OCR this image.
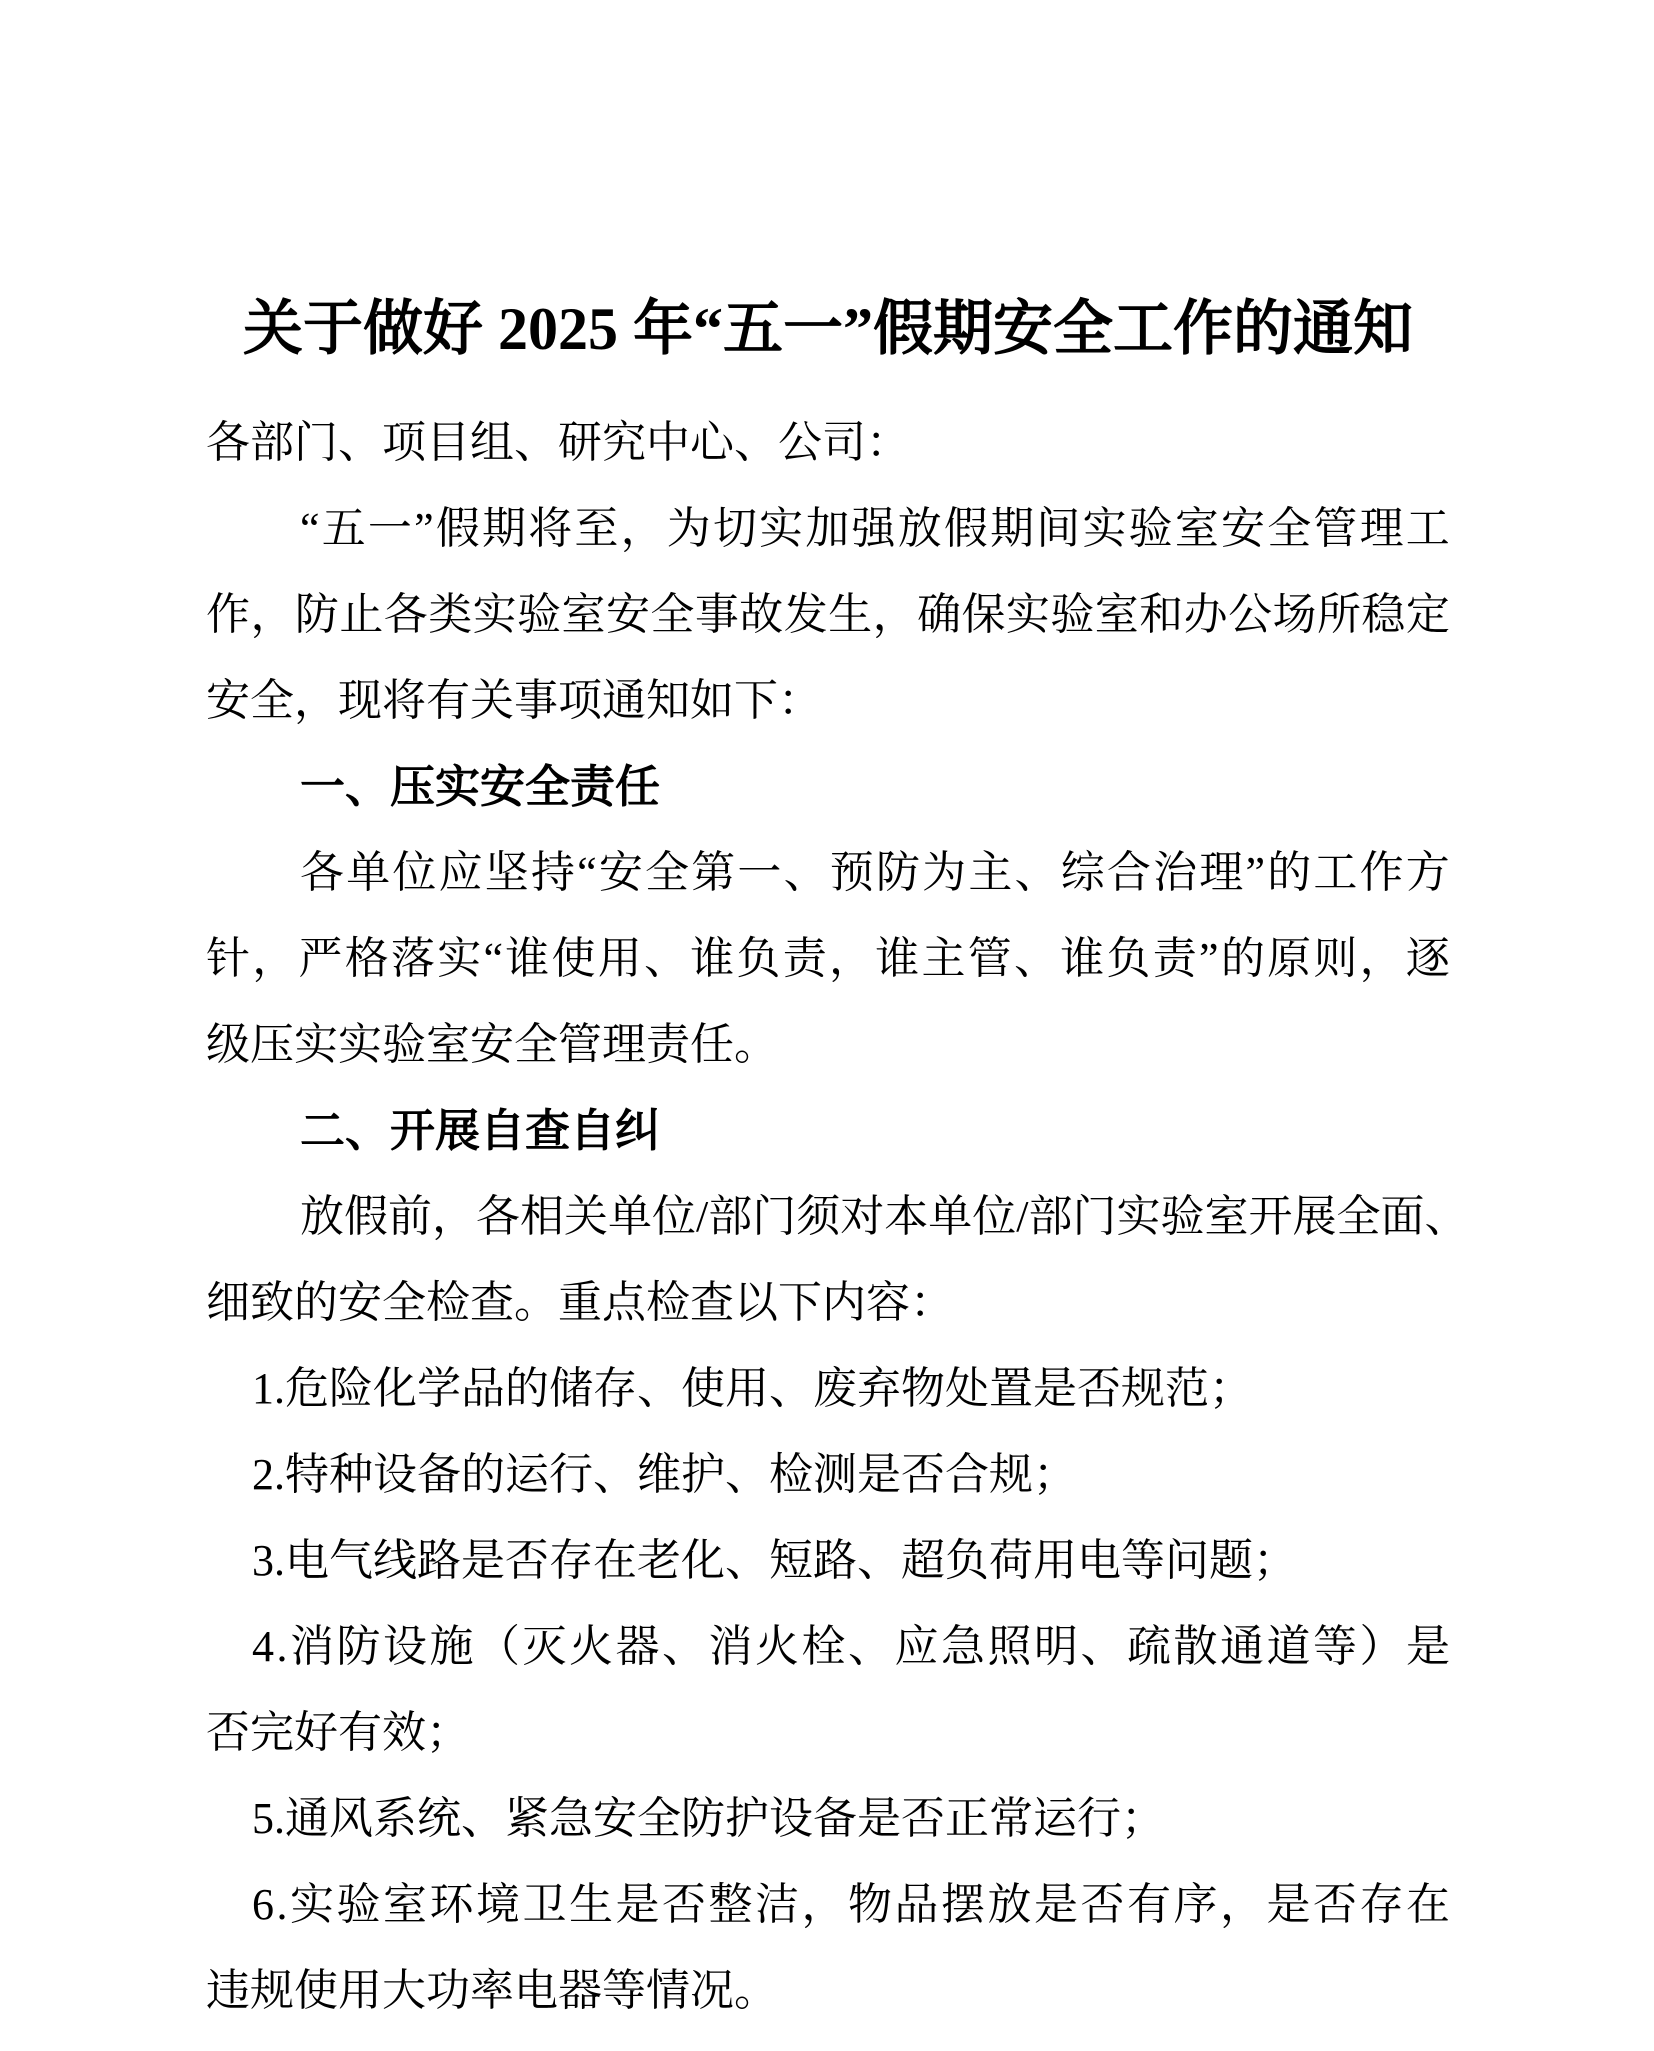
关于做好 2025 年“五一”假期安全工作的通知
各部门、项目组、研究中心、公司：
“ 五 一 ” 假 期 将 至 ， 为 切 实 加 强 放 假 期 间 实 验 室 安 全 管 理 工
作 ， 防 止 各 类 实 验 室 安 全 事 故 发 生 ， 确 保 实 验 室 和 办 公 场 所 稳 定
安全，现将有关事项通知如下：
一、压实安全责任
各 单 位 应 坚 持 “ 安 全 第 一 、 预 防 为 主 、 综 合 治 理 ” 的 工 作 方
针 ， 严 格 落 实 “ 谁 使 用 、 谁 负 责 ， 谁 主 管 、 谁 负 责 ” 的 原 则 ， 逐
级压实实验室安全管理责任。
二、开展自查自纠
放 假 前 ， 各 相 关 单 位 / 部 门 须 对 本 单 位 / 部 门 实 验 室 开 展 全 面 、
细致的安全检查。重点检查以下内容：
1.危险化学品的储存、使用、废弃物处置是否规范；
2.特种设备的运行、维护、检测是否合规；
3.电气线路是否存在老化、短路、超负荷用电等问题；
4 . 消 防 设 施 （ 灭 火 器 、 消 火 栓 、 应 急 照 明 、 疏 散 通 道 等 ） 是
否完好有效；
5.通风系统、紧急安全防护设备是否正常运行；
6 . 实 验 室 环 境 卫 生 是 否 整 洁 ， 物 品 摆 放 是 否 有 序 ， 是 否 存 在
违规使用大功率电器等情况。
